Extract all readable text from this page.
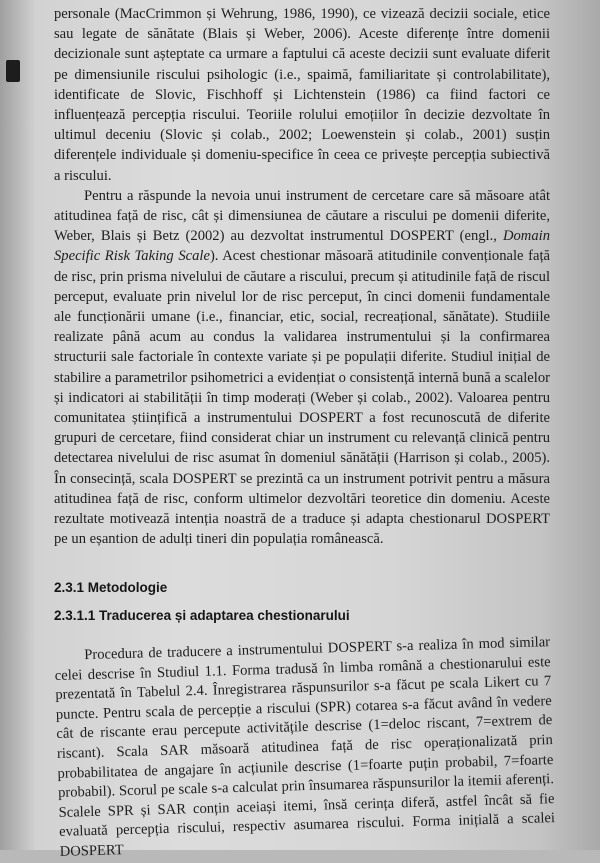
personale (MacCrimmon și Wehrung, 1986, 1990), ce vizează decizii sociale, etice sau legate de sănătate (Blais și Weber, 2006). Aceste diferențe între domenii decizionale sunt așteptate ca urmare a faptului că aceste decizii sunt evaluate diferit pe dimensiunile riscului psihologic (i.e., spaimă, familiaritate și controlabilitate), identificate de Slovic, Fischhoff și Lichtenstein (1986) ca fiind factori ce influențează percepția riscului. Teoriile rolului emoțiilor în decizie dezvoltate în ultimul deceniu (Slovic și colab., 2002; Loewenstein și colab., 2001) susțin diferențele individuale și domeniu-specifice în ceea ce privește percepția subiectivă a riscului.

Pentru a răspunde la nevoia unui instrument de cercetare care să măsoare atât atitudinea față de risc, cât și dimensiunea de căutare a riscului pe domenii diferite, Weber, Blais și Betz (2002) au dezvoltat instrumentul DOSPERT (engl., Domain Specific Risk Taking Scale). Acest chestionar măsoară atitudinile convenționale față de risc, prin prisma nivelului de căutare a riscului, precum și atitudinile față de riscul perceput, evaluate prin nivelul lor de risc perceput, în cinci domenii fundamentale ale funcționării umane (i.e., financiar, etic, social, recreațional, sănătate). Studiile realizate până acum au condus la validarea instrumentului și la confirmarea structurii sale factoriale în contexte variate și pe populații diferite. Studiul inițial de stabilire a parametrilor psihometrici a evidențiat o consistență internă bună a scalelor și indicatori ai stabilității în timp moderați (Weber și colab., 2002). Valoarea pentru comunitatea științifică a instrumentului DOSPERT a fost recunoscută de diferite grupuri de cercetare, fiind considerat chiar un instrument cu relevanță clinică pentru detectarea nivelului de risc asumat în domeniul sănătății (Harrison și colab., 2005). În consecință, scala DOSPERT se prezintă ca un instrument potrivit pentru a măsura atitudinea față de risc, conform ultimelor dezvoltări teoretice din domeniu. Aceste rezultate motivează intenția noastră de a traduce și adapta chestionarul DOSPERT pe un eșantion de adulți tineri din populația românească.

2.3.1 Metodologie
2.3.1.1 Traducerea și adaptarea chestionarului

Procedura de traducere a instrumentului DOSPERT s-a realiza în mod similar celei descrise în Studiul 1.1. Forma tradusă în limba română a chestionarului este prezentată în Tabelul 2.4. Înregistrarea răspunsurilor s-a făcut pe scala Likert cu 7 puncte. Pentru scala de percepție a riscului (SPR) cotarea s-a făcut având în vedere cât de riscante erau percepute activitățile descrise (1=deloc riscant, 7=extrem de riscant). Scala SAR măsoară atitudinea față de risc operaționalizată prin probabilitatea de angajare în acțiunile descrise (1=foarte puțin probabil, 7=foarte probabil). Scorul pe scale s-a calculat prin însumarea răspunsurilor la itemii aferenți. Scalele SPR și SAR conțin aceiași itemi, însă cerința diferă, astfel încât să fie evaluată percepția riscului, respectiv asumarea riscului. Forma inițială a scalei DOSPERT
